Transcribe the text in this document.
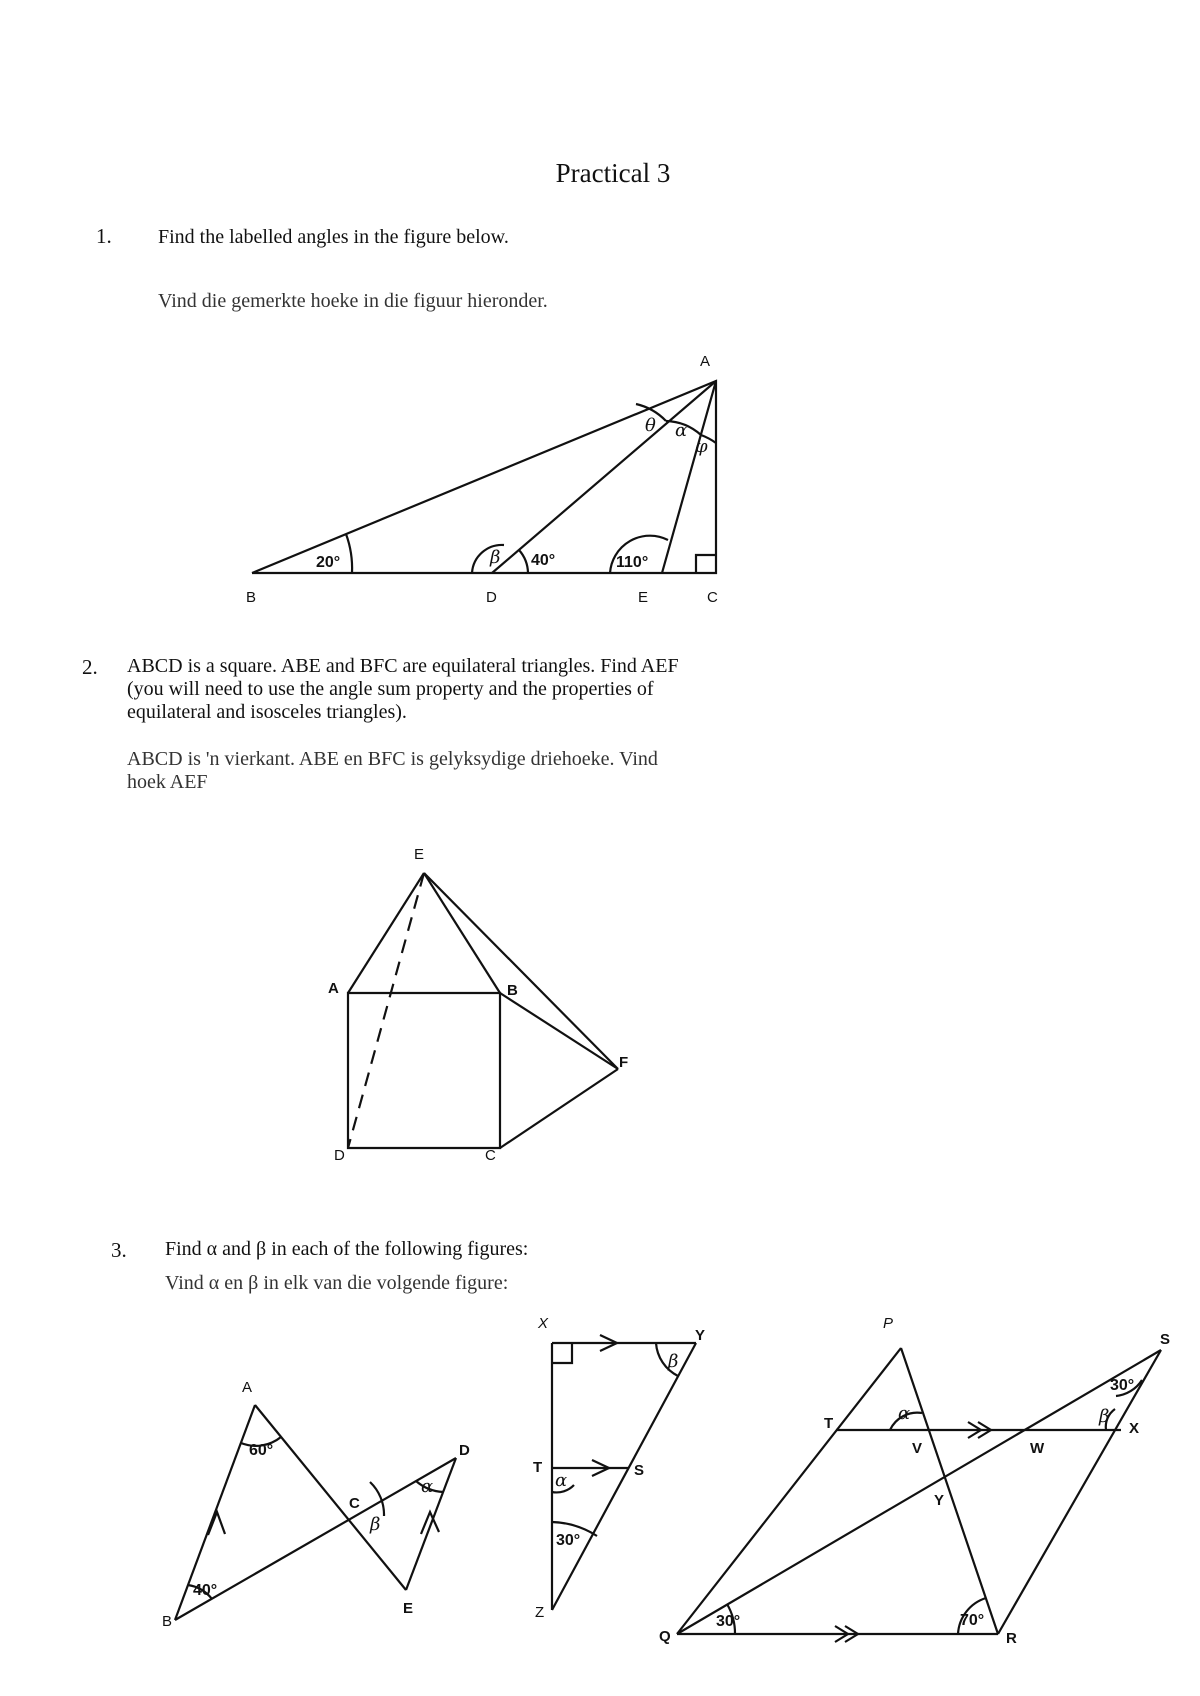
Practical 3
1. Find the labelled angles in the figure below.
Vind die gemerkte hoeke in die figuur hieronder.
2. ABCD is a square. ABE and BFC are equilateral triangles. Find AEF
(you will need to use the angle sum property and the properties of
equilateral and isosceles triangles).
ABCD is 'n vierkant. ABE en BFC is gelyksydige driehoeke. Vind
hoek AEF
3. Find α and β in each of the following figures:
Vind α en β in elk van die volgende figure:
A
B	C
D	E
20°	40°	110°
θ α
φ
β
E
A	B
F
D	C
A
B
C
D
E
60°
40°
α
β
X
Y
T	S
Z
α
30°
β
P
S
T
V	W
X
Y
Q	R
α
30°
β
30°	70°
